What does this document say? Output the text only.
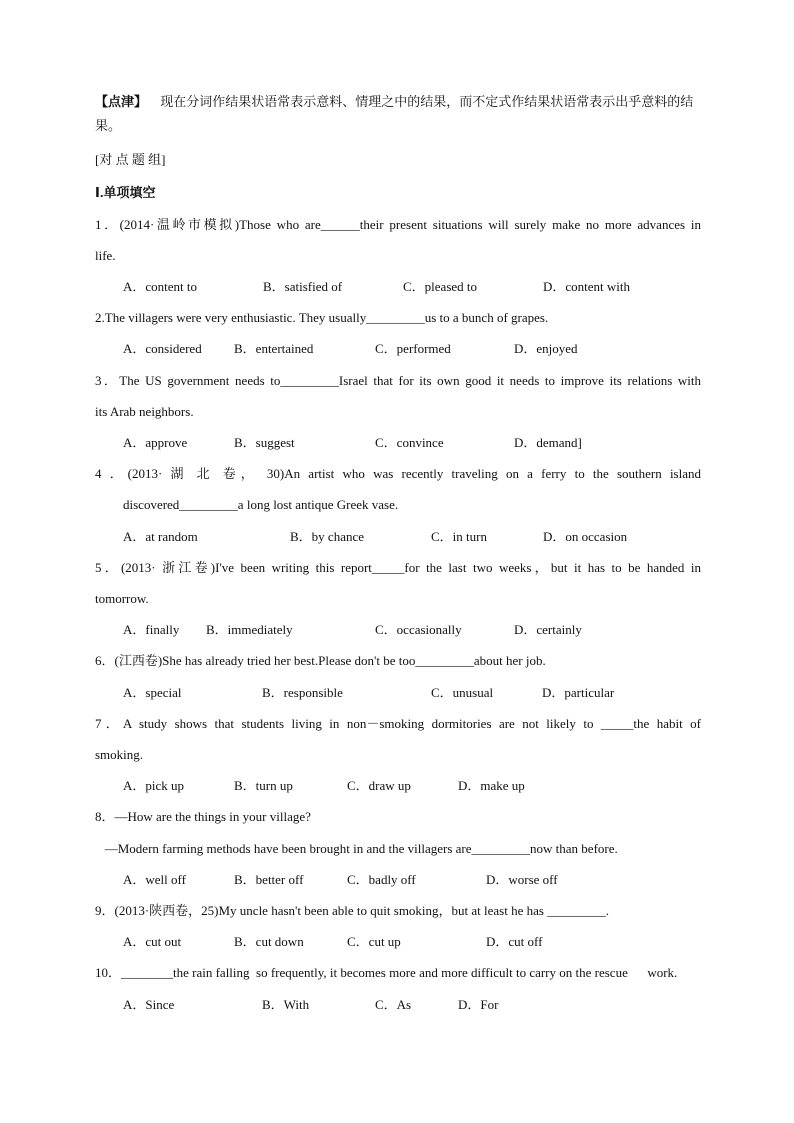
【点津】 现在分词作结果状语常表示意料、情理之中的结果，而不定式作结果状语常表示出乎意料的结果。

[对 点 题 组]
Ⅰ.单项填空
1．(2014·温岭市模拟)Those who are______their present situations will surely make no more advances in
life.
A．content to	B．satisfied of	C．pleased to	D．content with
2.The villagers were very enthusiastic. They usually_________us to a bunch of grapes.
A．considered B．entertained	C．performed	D．enjoyed
3．The US government needs to_________Israel that for its own good it needs to improve its relations with
its Arab neighbors.
A．approve	B．suggest	C．convince	D．demand]
4 ．(2013· 湖 北 卷， 30)An artist who was recently traveling on a ferry to the southern island
discovered_________a long lost antique Greek vase.
A．at random	B．by chance	C．in turn	D．on occasion
5．(2013· 浙江卷)I've been writing this report_____for the last two weeks，but it has to be handed in
tomorrow.
A．finally B．immediately	C．occasionally	D．certainly
6．(江西卷)She has already tried her best.Please don't be too_________about her job.
A．special	B．responsible	C．unusual	D．particular
7．A study shows that students living in non－smoking dormitories are not likely to _____the habit of
smoking.
A．pick up	B．turn up	C．draw up	D．make up
8．—How are the things in your village?
—Modern farming methods have been brought in and the villagers are_________now than before.
A．well off	B．better off	C．badly off	D．worse off
9．(2013·陕西卷，25)My uncle hasn't been able to quit smoking，but at least he has _________.
A．cut out	B．cut down	C．cut up	D．cut off
10．________the rain falling  so frequently, it becomes more and more difficult to carry on the rescue      work.
A．Since	B．With	C．As	D．For
